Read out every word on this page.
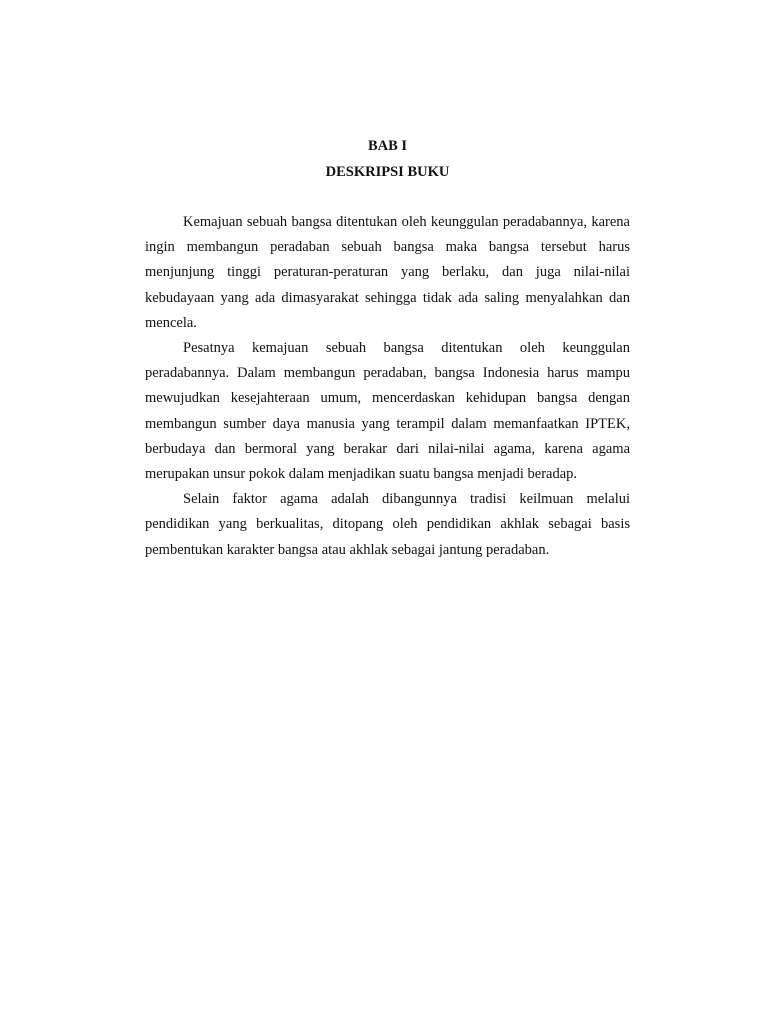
BAB I
DESKRIPSI BUKU

Kemajuan sebuah bangsa ditentukan oleh keunggulan peradabannya, karena ingin membangun peradaban sebuah bangsa maka bangsa tersebut harus menjunjung tinggi peraturan-peraturan yang berlaku, dan juga nilai-nilai kebudayaan yang ada dimasyarakat sehingga tidak ada saling menyalahkan dan mencela.

Pesatnya kemajuan sebuah bangsa ditentukan oleh keunggulan peradabannya. Dalam membangun peradaban, bangsa Indonesia harus mampu mewujudkan kesejahteraan umum, mencerdaskan kehidupan bangsa dengan membangun sumber daya manusia yang terampil dalam memanfaatkan IPTEK, berbudaya dan bermoral yang berakar dari nilai-nilai agama, karena agama merupakan unsur pokok dalam menjadikan suatu bangsa menjadi beradap.

Selain faktor agama adalah dibangunnya tradisi keilmuan melalui pendidikan yang berkualitas, ditopang oleh pendidikan akhlak sebagai basis pembentukan karakter bangsa atau akhlak sebagai jantung peradaban.
